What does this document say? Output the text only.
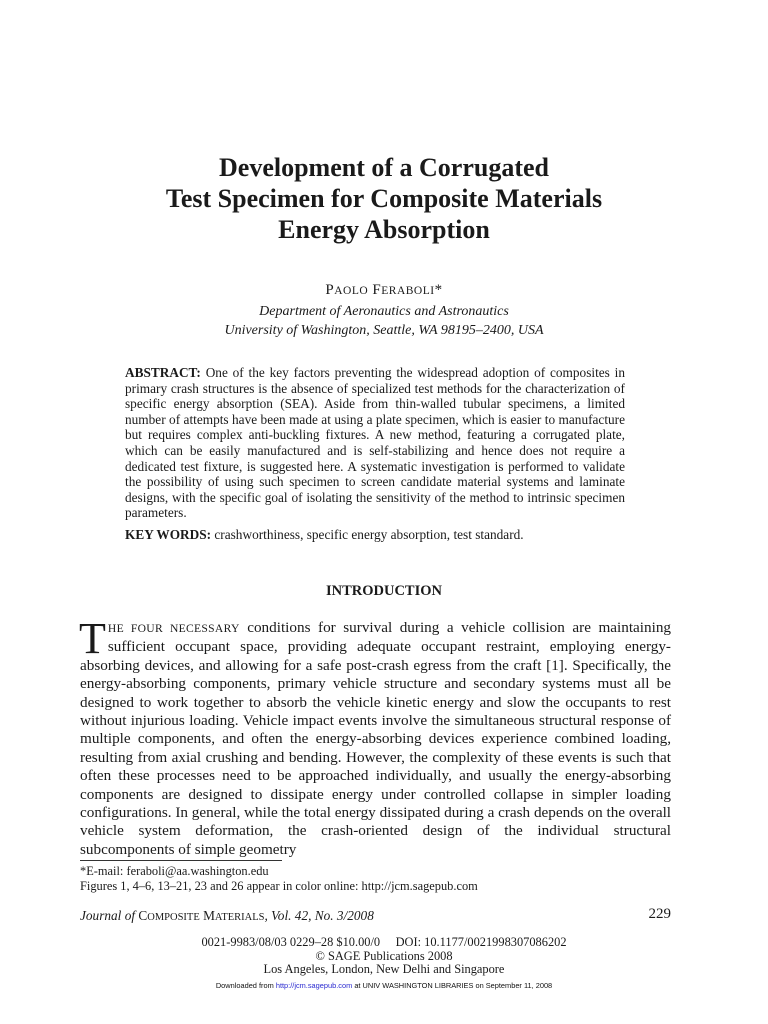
Development of a Corrugated
Test Specimen for Composite Materials
Energy Absorption
PAOLO FERABOLI*
Department of Aeronautics and Astronautics
University of Washington, Seattle, WA 98195–2400, USA
ABSTRACT: One of the key factors preventing the widespread adoption of composites in primary crash structures is the absence of specialized test methods for the characterization of specific energy absorption (SEA). Aside from thin-walled tubular specimens, a limited number of attempts have been made at using a plate specimen, which is easier to manufacture but requires complex anti-buckling fixtures. A new method, featuring a corrugated plate, which can be easily manufactured and is self-stabilizing and hence does not require a dedicated test fixture, is suggested here. A systematic investigation is performed to validate the possibility of using such specimen to screen candidate material systems and laminate designs, with the specific goal of isolating the sensitivity of the method to intrinsic specimen parameters.
KEY WORDS: crashworthiness, specific energy absorption, test standard.
INTRODUCTION
THE FOUR NECESSARY conditions for survival during a vehicle collision are maintaining sufficient occupant space, providing adequate occupant restraint, employing energy-absorbing devices, and allowing for a safe post-crash egress from the craft [1]. Specifically, the energy-absorbing components, primary vehicle structure and secondary systems must all be designed to work together to absorb the vehicle kinetic energy and slow the occupants to rest without injurious loading. Vehicle impact events involve the simultaneous structural response of multiple components, and often the energy-absorbing devices experience combined loading, resulting from axial crushing and bending. However, the complexity of these events is such that often these processes need to be approached individually, and usually the energy-absorbing components are designed to dissipate energy under controlled collapse in simpler loading configurations. In general, while the total energy dissipated during a crash depends on the overall vehicle system deformation, the crash-oriented design of the individual structural subcomponents of simple geometry
*E-mail: feraboli@aa.washington.edu
Figures 1, 4–6, 13–21, 23 and 26 appear in color online: http://jcm.sagepub.com
Journal of COMPOSITE MATERIALS, Vol. 42, No. 3/2008	229
0021-9983/08/03 0229–28 $10.00/0     DOI: 10.1177/0021998307086202
© SAGE Publications 2008
Los Angeles, London, New Delhi and Singapore
Downloaded from http://jcm.sagepub.com at UNIV WASHINGTON LIBRARIES on September 11, 2008
